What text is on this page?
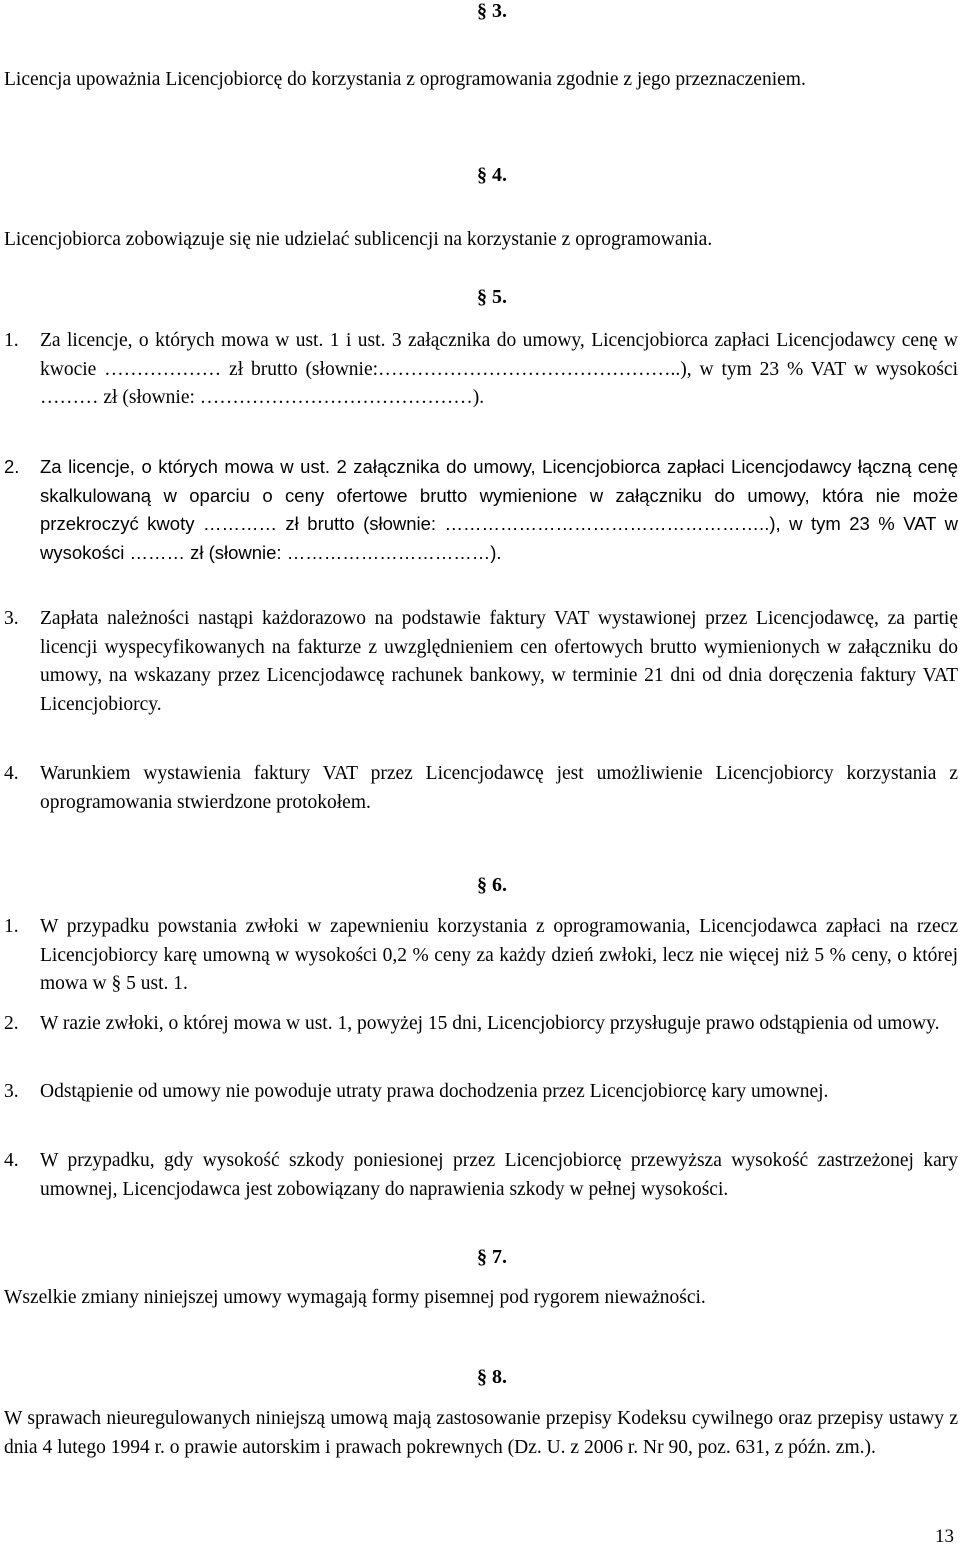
§ 3.

Licencja upoważnia Licencjobiorcę do korzystania z oprogramowania zgodnie z jego przeznaczeniem.

§ 4.

Licencjobiorca zobowiązuje się nie udzielać sublicencji na korzystanie z oprogramowania.

§ 5.
1.	Za licencje, o których mowa w ust. 1 i ust. 3 załącznika do umowy, Licencjobiorca zapłaci Licencjodawcy cenę w kwocie ……………… zł brutto (słownie:………………………………………..), w tym 23 % VAT w wysokości ……… zł (słownie: ……………………………………).
2.	Za licencje, o których mowa w ust. 2 załącznika do umowy, Licencjobiorca zapłaci Licencjodawcy łączną cenę skalkulowaną w oparciu o ceny ofertowe brutto wymienione w załączniku do umowy, która nie może przekroczyć kwoty ………… zł brutto (słownie: ……………………………………………..), w tym 23 % VAT w wysokości ……… zł (słownie: ……………………………).
3.	Zapłata należności nastąpi każdorazowo na podstawie faktury VAT wystawionej przez Licencjodawcę, za partię licencji wyspecyfikowanych na fakturze z uwzględnieniem cen ofertowych brutto wymienionych w załączniku do umowy, na wskazany przez Licencjodawcę rachunek bankowy, w terminie 21 dni od dnia doręczenia faktury VAT Licencjobiorcy.
4.	Warunkiem wystawienia faktury VAT przez Licencjodawcę jest umożliwienie Licencjobiorcy korzystania z oprogramowania stwierdzone protokołem.
§ 6.
1.	W przypadku powstania zwłoki w zapewnieniu korzystania z oprogramowania, Licencjodawca zapłaci na rzecz Licencjobiorcy karę umowną w wysokości 0,2 % ceny za każdy dzień zwłoki, lecz nie więcej niż 5 % ceny, o której mowa w § 5 ust. 1.
2.	W razie zwłoki, o której mowa w ust. 1, powyżej 15 dni, Licencjobiorcy przysługuje prawo odstąpienia od umowy.
3.	Odstąpienie od umowy nie powoduje utraty prawa dochodzenia przez Licencjobiorcę kary umownej.
4.	W przypadku, gdy wysokość szkody poniesionej przez Licencjobiorcę przewyższa wysokość zastrzeżonej kary umownej, Licencjodawca jest zobowiązany do naprawienia szkody w pełnej wysokości.
§ 7.

Wszelkie zmiany niniejszej umowy wymagają formy pisemnej pod rygorem nieważności.

§ 8.

W sprawach nieuregulowanych niniejszą umową mają zastosowanie przepisy Kodeksu cywilnego oraz przepisy ustawy z dnia 4 lutego 1994 r. o prawie autorskim i prawach pokrewnych (Dz. U. z 2006 r. Nr 90, poz. 631, z późn. zm.).

13
